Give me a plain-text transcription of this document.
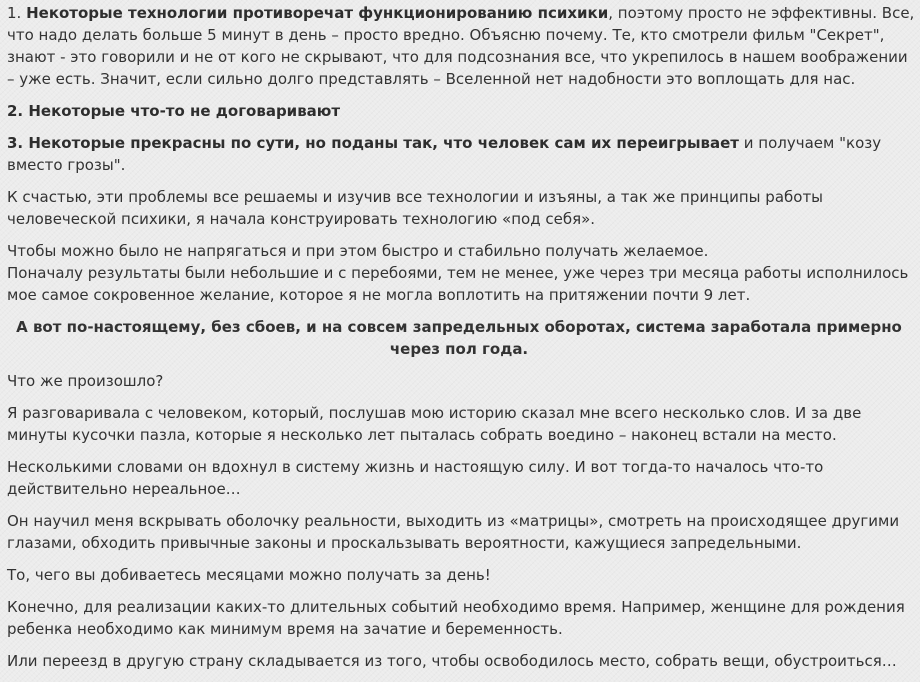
1. Некоторые технологии противоречат функционированию психики, поэтому просто не эффективны. Все, что надо делать больше 5 минут в день – просто вредно. Объясню почему. Те, кто смотрели фильм "Секрет", знают - это говорили и не от кого не скрывают, что для подсознания все, что укрепилось в нашем воображении – уже есть. Значит, если сильно долго представлять – Вселенной нет надобности это воплощать для нас.

2. Некоторые что-то не договаривают

3. Некоторые прекрасны по сути, но поданы так, что человек сам их переигрывает и получаем "козу вместо грозы".

К счастью, эти проблемы все решаемы и изучив все технологии и изъяны, а так же принципы работы человеческой психики, я начала конструировать технологию «под себя».

Чтобы можно было не напрягаться и при этом быстро и стабильно получать желаемое.

Поначалу результаты были небольшие и с перебоями, тем не менее, уже через три месяца работы исполнилось мое самое сокровенное желание, которое я не могла воплотить на притяжении почти 9 лет.

А вот по-настоящему, без сбоев, и на совсем запредельных оборотах, система заработала примерно через пол года.

Что же произошло?

Я разговаривала с человеком, который, послушав мою историю сказал мне всего несколько слов. И за две минуты кусочки пазла, которые я несколько лет пыталась собрать воедино – наконец встали на место.

Несколькими словами он вдохнул в систему жизнь и настоящую силу. И вот тогда-то началось что-то действительно нереальное…

Он научил меня вскрывать оболочку реальности, выходить из «матрицы», смотреть на происходящее другими глазами, обходить привычные законы и проскальзывать вероятности, кажущиеся запредельными.

То, чего вы добиваетесь месяцами можно получать за день!

Конечно, для реализации каких-то длительных событий необходимо время. Например, женщине для рождения ребенка необходимо как минимум время на зачатие и беременность.

Или переезд в другую страну складывается из того, чтобы освободилось место, собрать вещи, обустроиться…
